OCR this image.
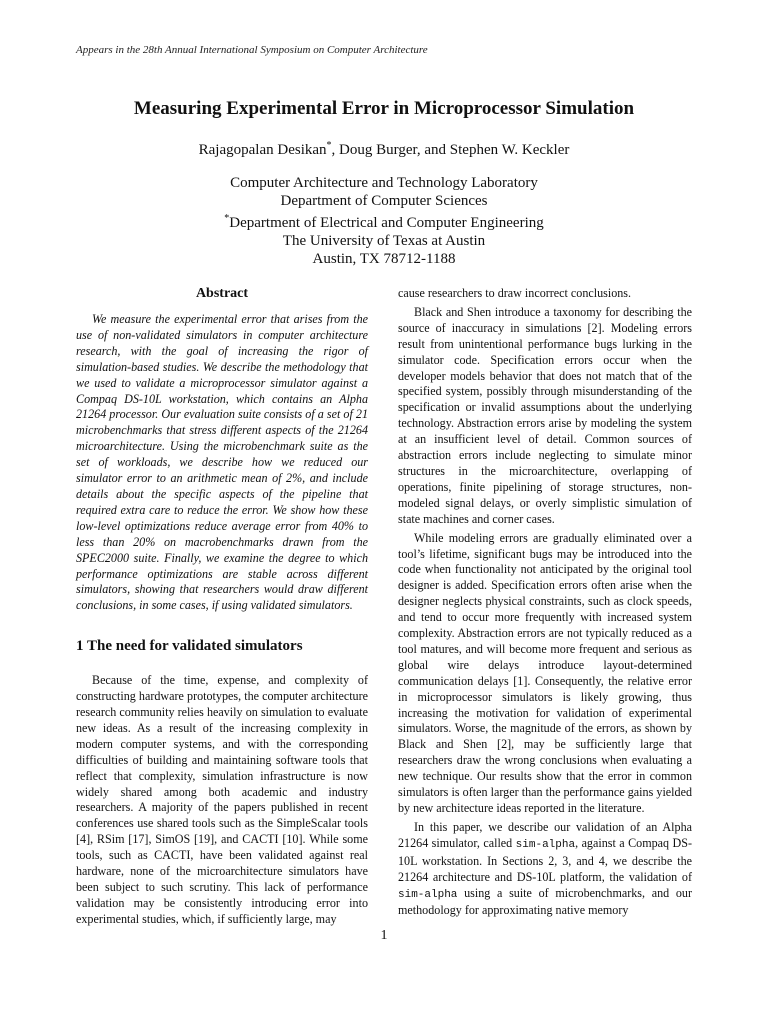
Appears in the 28th Annual International Symposium on Computer Architecture
Measuring Experimental Error in Microprocessor Simulation
Rajagopalan Desikan*, Doug Burger, and Stephen W. Keckler
Computer Architecture and Technology Laboratory
Department of Computer Sciences
*Department of Electrical and Computer Engineering
The University of Texas at Austin
Austin, TX 78712-1188
Abstract

We measure the experimental error that arises from the use of non-validated simulators in computer architecture research, with the goal of increasing the rigor of simulation-based studies. We describe the methodology that we used to validate a microprocessor simulator against a Compaq DS-10L workstation, which contains an Alpha 21264 processor. Our evaluation suite consists of a set of 21 microbenchmarks that stress different aspects of the 21264 microarchitecture. Using the microbenchmark suite as the set of workloads, we describe how we reduced our simulator error to an arithmetic mean of 2%, and include details about the specific aspects of the pipeline that required extra care to reduce the error. We show how these low-level optimizations reduce average error from 40% to less than 20% on macrobenchmarks drawn from the SPEC2000 suite. Finally, we examine the degree to which performance optimizations are stable across different simulators, showing that researchers would draw different conclusions, in some cases, if using validated simulators.

1 The need for validated simulators

Because of the time, expense, and complexity of constructing hardware prototypes, the computer architecture research community relies heavily on simulation to evaluate new ideas. As a result of the increasing complexity in modern computer systems, and with the corresponding difficulties of building and maintaining software tools that reflect that complexity, simulation infrastructure is now widely shared among both academic and industry researchers. A majority of the papers published in recent conferences use shared tools such as the SimpleScalar tools [4], RSim [17], SimOS [19], and CACTI [10]. While some tools, such as CACTI, have been validated against real hardware, none of the microarchitecture simulators have been subject to such scrutiny. This lack of performance validation may be consistently introducing error into experimental studies, which, if sufficiently large, may

cause researchers to draw incorrect conclusions.

Black and Shen introduce a taxonomy for describing the source of inaccuracy in simulations [2]. Modeling errors result from unintentional performance bugs lurking in the simulator code. Specification errors occur when the developer models behavior that does not match that of the specified system, possibly through misunderstanding of the specification or invalid assumptions about the underlying technology. Abstraction errors arise by modeling the system at an insufficient level of detail. Common sources of abstraction errors include neglecting to simulate minor structures in the microarchitecture, overlapping of operations, finite pipelining of storage structures, non-modeled signal delays, or overly simplistic simulation of state machines and corner cases.

While modeling errors are gradually eliminated over a tool’s lifetime, significant bugs may be introduced into the code when functionality not anticipated by the original tool designer is added. Specification errors often arise when the designer neglects physical constraints, such as clock speeds, and tend to occur more frequently with increased system complexity. Abstraction errors are not typically reduced as a tool matures, and will become more frequent and serious as global wire delays introduce layout-determined communication delays [1]. Consequently, the relative error in microprocessor simulators is likely growing, thus increasing the motivation for validation of experimental simulators. Worse, the magnitude of the errors, as shown by Black and Shen [2], may be sufficiently large that researchers draw the wrong conclusions when evaluating a new technique. Our results show that the error in common simulators is often larger than the performance gains yielded by new architecture ideas reported in the literature.

In this paper, we describe our validation of an Alpha 21264 simulator, called sim-alpha, against a Compaq DS-10L workstation. In Sections 2, 3, and 4, we describe the 21264 architecture and DS-10L platform, the validation of sim-alpha using a suite of microbenchmarks, and our methodology for approximating native memory

1
